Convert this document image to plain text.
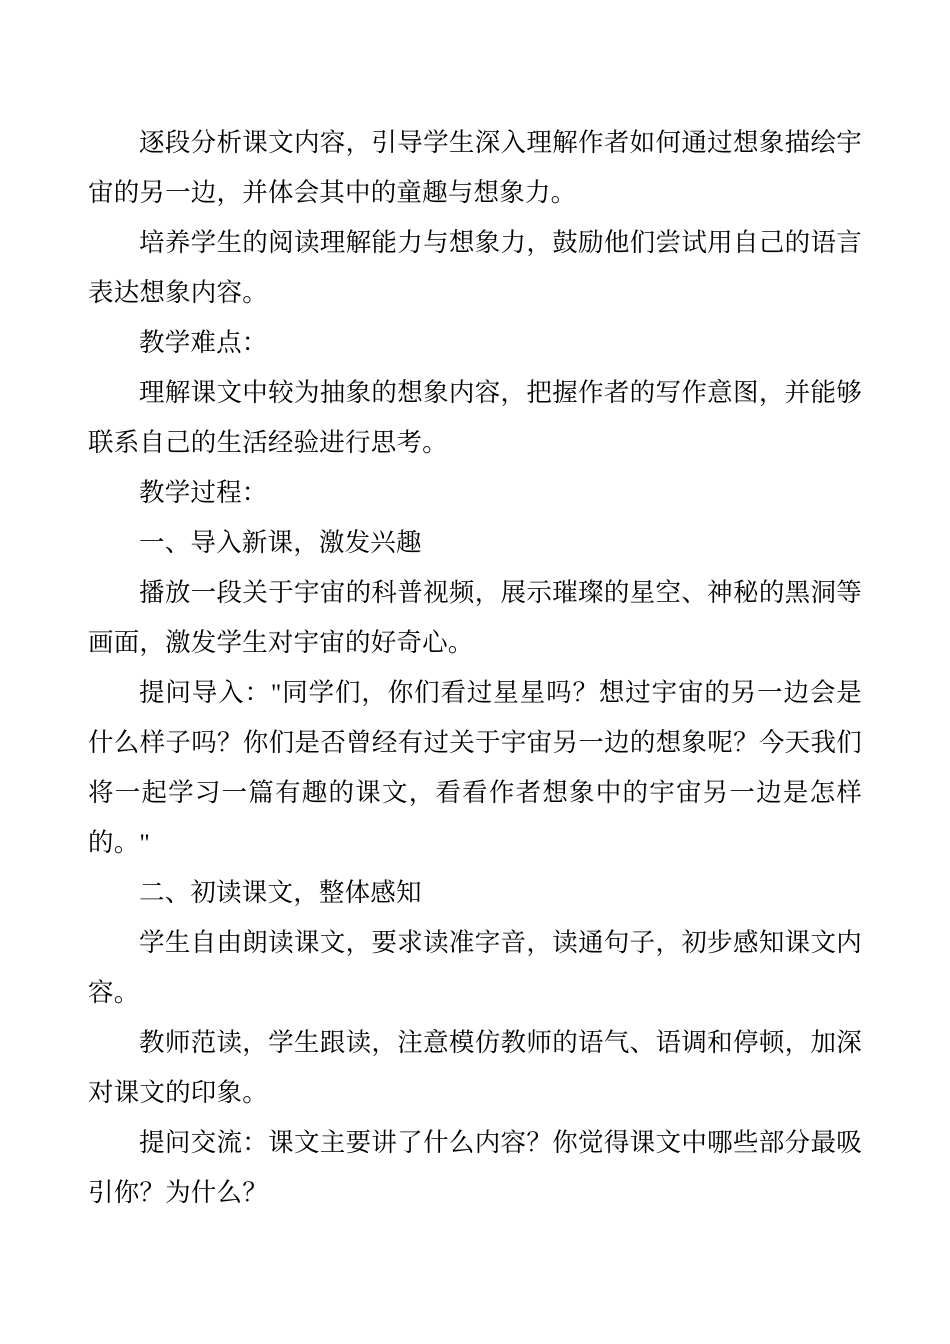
逐段分析课文内容，引导学生深入理解作者如何通过想象描绘宇宙的另一边，并体会其中的童趣与想象力。

培养学生的阅读理解能力与想象力，鼓励他们尝试用自己的语言表达想象内容。

教学难点：

理解课文中较为抽象的想象内容，把握作者的写作意图，并能够联系自己的生活经验进行思考。

教学过程：

一、导入新课，激发兴趣

播放一段关于宇宙的科普视频，展示璀璨的星空、神秘的黑洞等画面，激发学生对宇宙的好奇心。

提问导入："同学们，你们看过星星吗？想过宇宙的另一边会是什么样子吗？你们是否曾经有过关于宇宙另一边的想象呢？今天我们将一起学习一篇有趣的课文，看看作者想象中的宇宙另一边是怎样的。"

二、初读课文，整体感知

学生自由朗读课文，要求读准字音，读通句子，初步感知课文内容。

教师范读，学生跟读，注意模仿教师的语气、语调和停顿，加深对课文的印象。

提问交流：课文主要讲了什么内容？你觉得课文中哪些部分最吸引你？为什么？
